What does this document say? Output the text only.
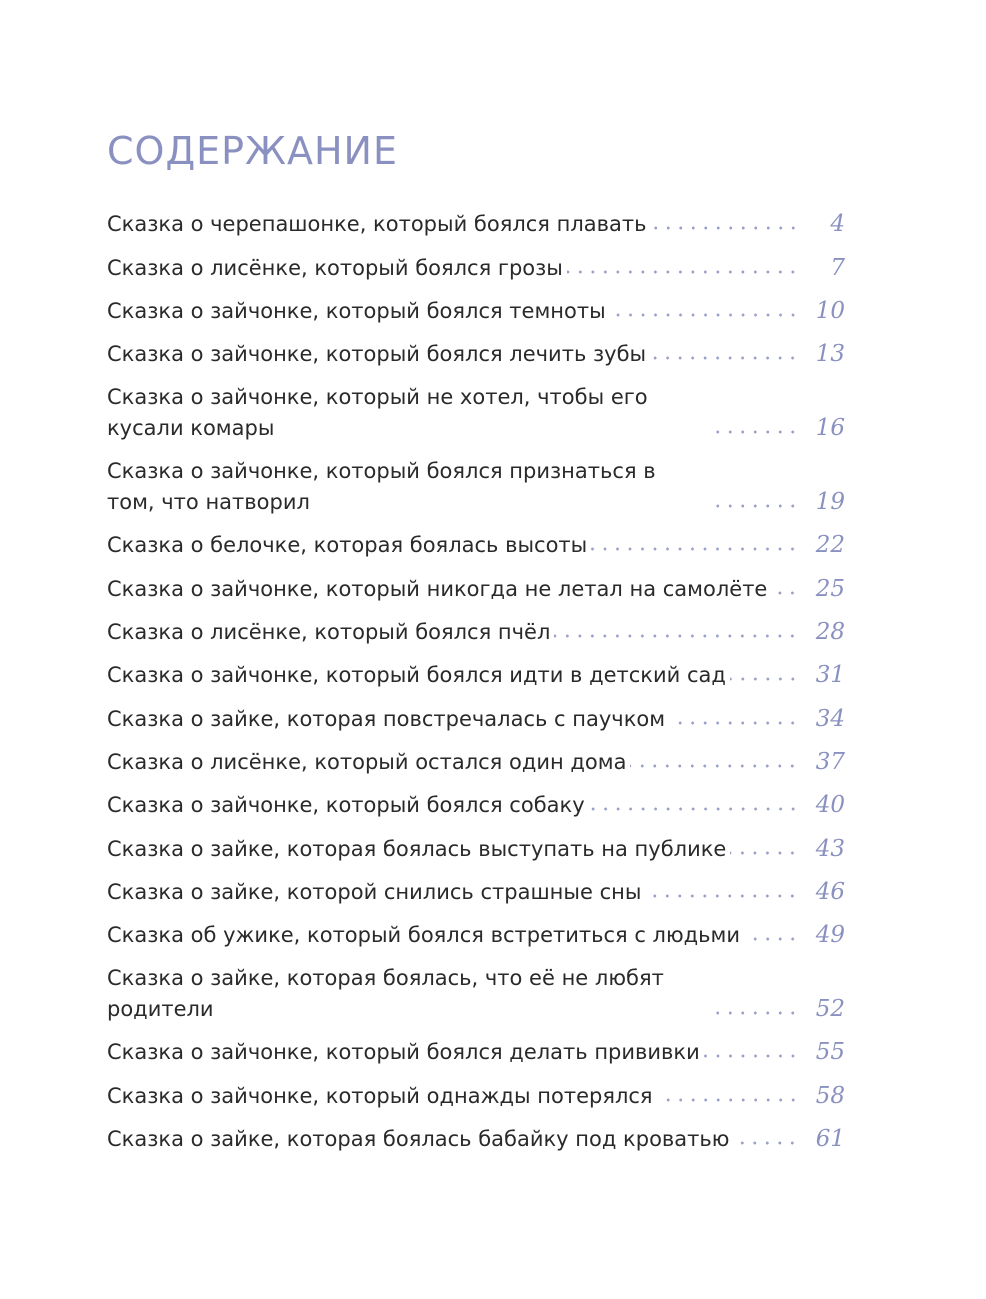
СОДЕРЖАНИЕ
Сказка о черепашонке, который боялся плавать	4
Сказка о лисёнке, который боялся грозы	7
Сказка о зайчонке, который боялся темноты	10
Сказка о зайчонке, который боялся лечить зубы	13
Сказка о зайчонке, который не хотел, чтобы его кусали комары	16
Сказка о зайчонке, который боялся признаться в том, что натворил	19
Сказка о белочке, которая боялась высоты	22
Сказка о зайчонке, который никогда не летал на самолёте	25
Сказка о лисёнке, который боялся пчёл	28
Сказка о зайчонке, который боялся идти в детский сад	31
Сказка о зайке, которая повстречалась с паучком	34
Сказка о лисёнке, который остался один дома	37
Сказка о зайчонке, который боялся собаку	40
Сказка о зайке, которая боялась выступать на публике	43
Сказка о зайке, которой снились страшные сны	46
Сказка об ужике, который боялся встретиться с людьми	49
Сказка о зайке, которая боялась, что её не любят родители	52
Сказка о зайчонке, который боялся делать прививки	55
Сказка о зайчонке, который однажды потерялся	58
Сказка о зайке, которая боялась бабайку под кроватью	61
